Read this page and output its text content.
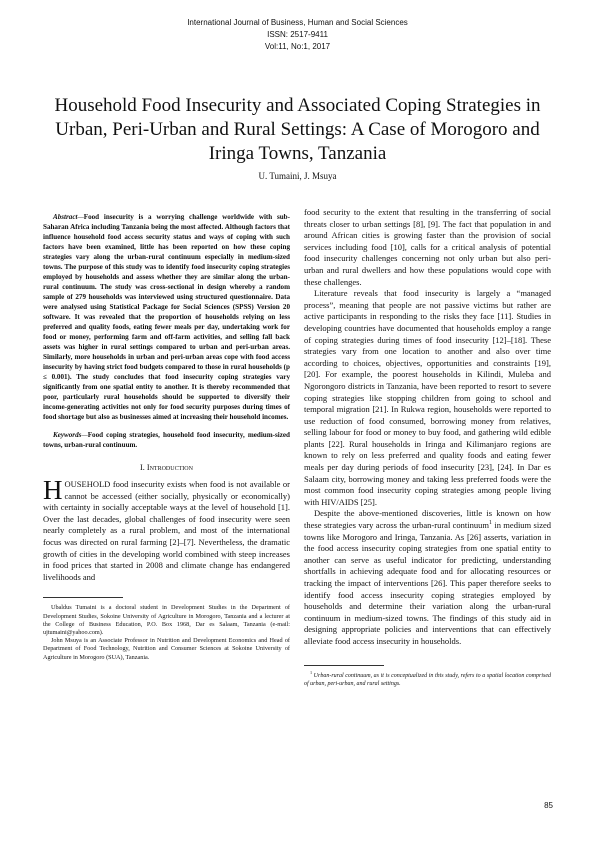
International Journal of Business, Human and Social Sciences
ISSN: 2517-9411
Vol:11, No:1, 2017
Household Food Insecurity and Associated Coping Strategies in Urban, Peri-Urban and Rural Settings: A Case of Morogoro and Iringa Towns, Tanzania
U. Tumaini, J. Msuya

Abstract—Food insecurity is a worrying challenge worldwide with sub-Saharan Africa including Tanzania being the most affected. Although factors that influence household food access security status and ways of coping with such factors have been examined, little has been reported on how these coping strategies vary along the urban-rural continuum especially in medium-sized towns. The purpose of this study was to identify food insecurity coping strategies employed by households and assess whether they are similar along the urban-rural continuum. The study was cross-sectional in design whereby a random sample of 279 households was interviewed using structured questionnaire. Data were analysed using Statistical Package for Social Sciences (SPSS) Version 20 software. It was revealed that the proportion of households relying on less preferred and quality foods, eating fewer meals per day, undertaking work for food or money, performing farm and off-farm activities, and selling fall back assets was higher in rural settings compared to urban and peri-urban areas. Similarly, more households in urban and peri-urban areas cope with food access insecurity by having strict food budgets compared to those in rural households (p ≤ 0.001). The study concludes that food insecurity coping strategies vary significantly from one spatial entity to another. It is thereby recommended that poor, particularly rural households should be supported to diversify their income-generating activities not only for food security purposes during times of food shortage but also as businesses aimed at increasing their household incomes.

Keywords—Food coping strategies, household food insecurity, medium-sized towns, urban-rural continuum.

I. Introduction

HOUSEHOLD food insecurity exists when food is not available or cannot be accessed (either socially, physically or economically) with certainty in socially acceptable ways at the level of household [1]. Over the last decades, global challenges of food insecurity were seen nearly completely as a rural problem, and most of the international focus was directed on rural farming [2]–[7]. Nevertheless, the dramatic growth of cities in the developing world combined with steep increases in food prices that started in 2008 and climate change has endangered livelihoods and

Ubaldus Tumaini is a doctoral student in Development Studies in the Department of Development Studies, Sokoine University of Agriculture in Morogoro, Tanzania and a lecturer at the College of Business Education, P.O. Box 1968, Dar es Salaam, Tanzania (e-mail: ujtumaini@yahoo.com).

John Msuya is an Associate Professor in Nutrition and Development Economics and Head of Department of Food Technology, Nutrition and Consumer Sciences at Sokoine University of Agriculture in Morogoro (SUA), Tanzania.

food security to the extent that resulting in the transferring of social threats closer to urban settings [8], [9]. The fact that population in and around African cities is growing faster than the provision of social services including food [10], calls for a critical analysis of potential food insecurity challenges concerning not only urban but also peri-urban and rural dwellers and how these populations would cope with these challenges.

Literature reveals that food insecurity is largely a “managed process”, meaning that people are not passive victims but rather are active participants in responding to the risks they face [11]. Studies in developing countries have documented that households employ a range of coping strategies during times of food insecurity [12]–[18]. These strategies vary from one location to another and also over time according to choices, objectives, opportunities and constraints [19], [20]. For example, the poorest households in Kilindi, Muleba and Ngorongoro districts in Tanzania, have been reported to resort to severe coping strategies like stopping children from going to school and temporal migration [21]. In Rukwa region, households were reported to use reduction of food consumed, borrowing money from relatives, selling labour for food or money to buy food, and gathering wild edible plants [22]. Rural households in Iringa and Kilimanjaro regions are known to rely on less preferred and quality foods and eating fewer meals per day during periods of food insecurity [23], [24]. In Dar es Salaam city, borrowing money and taking less preferred foods were the most common food insecurity coping strategies among people living with HIV/AIDS [25].

Despite the above-mentioned discoveries, little is known on how these strategies vary across the urban-rural continuum$^1$ in medium sized towns like Morogoro and Iringa, Tanzania. As [26] asserts, variation in the food access insecurity coping strategies from one spatial entity to another can serve as useful indicator for predicting, understanding shortfalls in achieving adequate food and for allocating resources or tracking the impact of interventions [26]. This paper therefore seeks to identify food access insecurity coping strategies employed by households and determine their variation along the urban-rural continuum in medium-sized towns. The findings of this study aid in designing appropriate policies and interventions that can effectively alleviate food access insecurity in households.

$^1$ Urban-rural continuum, as it is conceptualized in this study, refers to a spatial location comprised of urban, peri-urban, and rural settings.

85
